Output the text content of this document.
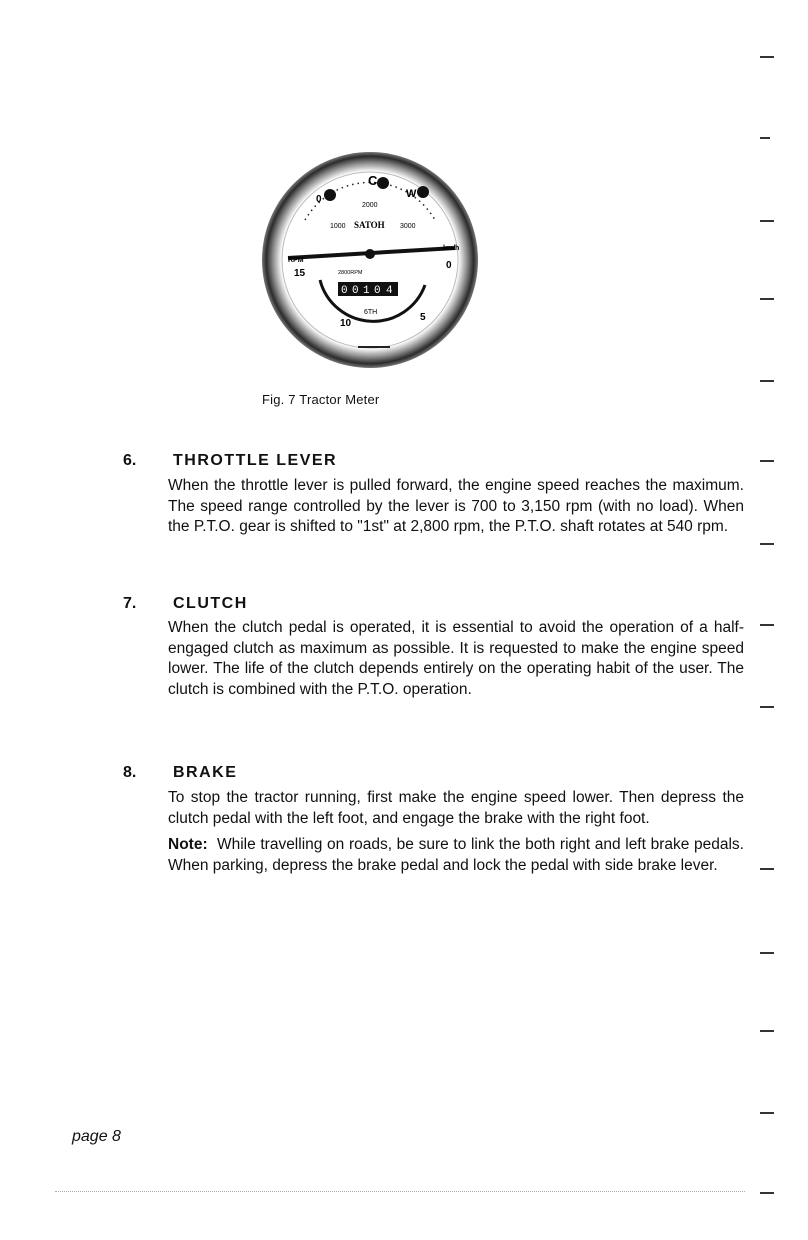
C
W
0
2000
1000 SATOH 3000
RPM
km/h
0
15	2800RPM
0 0 1 0 4
6TH
10
5
Fig. 7 Tractor Meter
6. THROTTLE LEVER

When the throttle lever is pulled forward, the engine speed reaches the maximum. The speed range controlled by the lever is 700 to 3,150 rpm (with no load). When the P.T.O. gear is shifted to "1st" at 2,800 rpm, the P.T.O. shaft rotates at 540 rpm.

7. CLUTCH

When the clutch pedal is operated, it is essential to avoid the operation of a half-engaged clutch as maximum as possible. It is requested to make the engine speed lower. The life of the clutch depends entirely on the operating habit of the user. The clutch is combined with the P.T.O. operation.

8. BRAKE

To stop the tractor running, first make the engine speed lower. Then depress the clutch pedal with the left foot, and engage the brake with the right foot.

Note: While travelling on roads, be sure to link the both right and left brake pedals. When parking, depress the brake pedal and lock the pedal with side brake lever.

page 8
